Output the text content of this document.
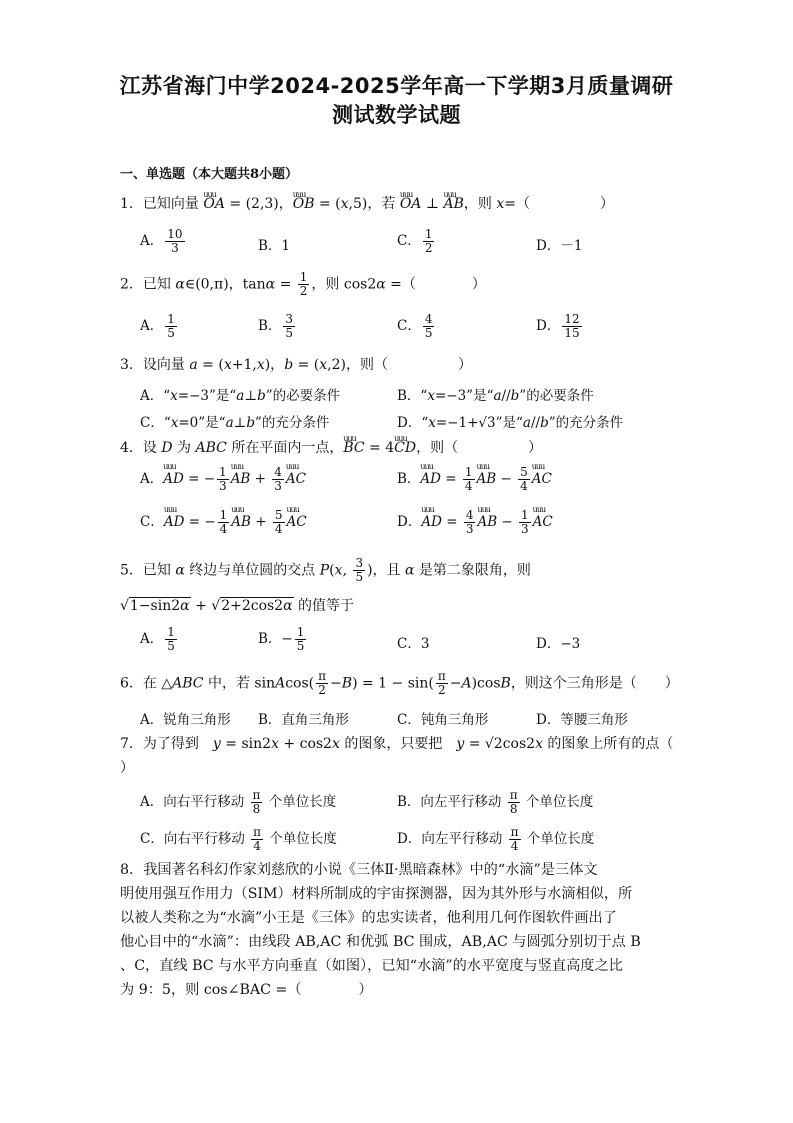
江苏省海门中学2024-2025学年高一下学期3月质量调研
测试数学试题
一、单选题（本大题共8小题）
1．已知向量 uuu OA = (2,3)，uuu OB = (x,5)，若 uuu OA ⊥ uuu AB，则 x=（　　　　　）
A． $\frac{10}{3}$	B．1	C． $\frac{1}{2}$	D．－1
2．已知 α∈(0,π)，$\tan\alpha = \frac{1}{2}$ ，则 cos2α =（　　　　）
A． $\frac{1}{5}$	B． $\frac{3}{5}$	C． $\frac{4}{5}$	D． $\frac{12}{15}$
3．设向量 a = (x+1,x)，b = (x,2)，则（　　　　　）
A．“x=−3”是“a⊥b”的必要条件	B．“x=−3”是“a//b”的必要条件
C．“x=0”是“a⊥b”的充分条件	D．“x=−1+√3”是“a//b”的充分条件
4．设 D 为 ABC 所在平面内一点，uuu BC = 4uuu CD，则（　　　　　）
A．uuu AD = − $\frac{1}{3}$ uuu AB + $\frac{4}{3}$ uuu AC	B．uuu AD = $\frac{1}{4}$ uuu AB − $\frac{5}{4}$ uuu AC
C．uuu AD = − $\frac{1}{4}$ uuu AB + $\frac{5}{4}$ uuu AC	D．uuu AD = $\frac{4}{3}$ uuu AB − $\frac{1}{3}$ uuu AC
5．已知 α 终边与单位圆的交点 P(x, $\frac{3}{5}$ )，且 α 是第二象限角，则
√1−sin2α + √2+2cos2α 的值等于
A． $\frac{1}{5}$	B．− $\frac{1}{5}$	C．3	D．−3
6．在 △ABC 中，若 sinAcos( $\frac{\pi}{2} -B) = 1 - \sin( \frac{\pi}{2} -A)\cos B$，则这个三角形是（　　）
A．锐角三角形 B．直角三角形	C．钝角三角形	D．等腰三角形
7．为了得到　y = sin2x + cos2x 的图象，只要把　y = √2cos2x 的图象上所有的点（
）
A．向右平行移动 $\frac{\pi}{8}$ 个单位长度	B．向左平行移动 $\frac{\pi}{8}$ 个单位长度
C．向右平行移动 $\frac{\pi}{4}$ 个单位长度	D．向左平行移动 $\frac{\pi}{4}$ 个单位长度
8．我国著名科幻作家刘慈欣的小说《三体Ⅱ·黑暗森林》中的“水滴”是三体文
明使用强互作用力（SIM）材料所制成的宇宙探测器，因为其外形与水滴相似，所
以被人类称之为“水滴”小王是《三体》的忠实读者，他利用几何作图软件画出了
他心目中的“水滴”：由线段 AB,AC 和优弧 BC 围成，AB,AC 与圆弧分别切于点 B
、C，直线 BC 与水平方向垂直（如图），已知“水滴”的水平宽度与竖直高度之比
为 9：5，则 cos∠BAC =（　　　　）
